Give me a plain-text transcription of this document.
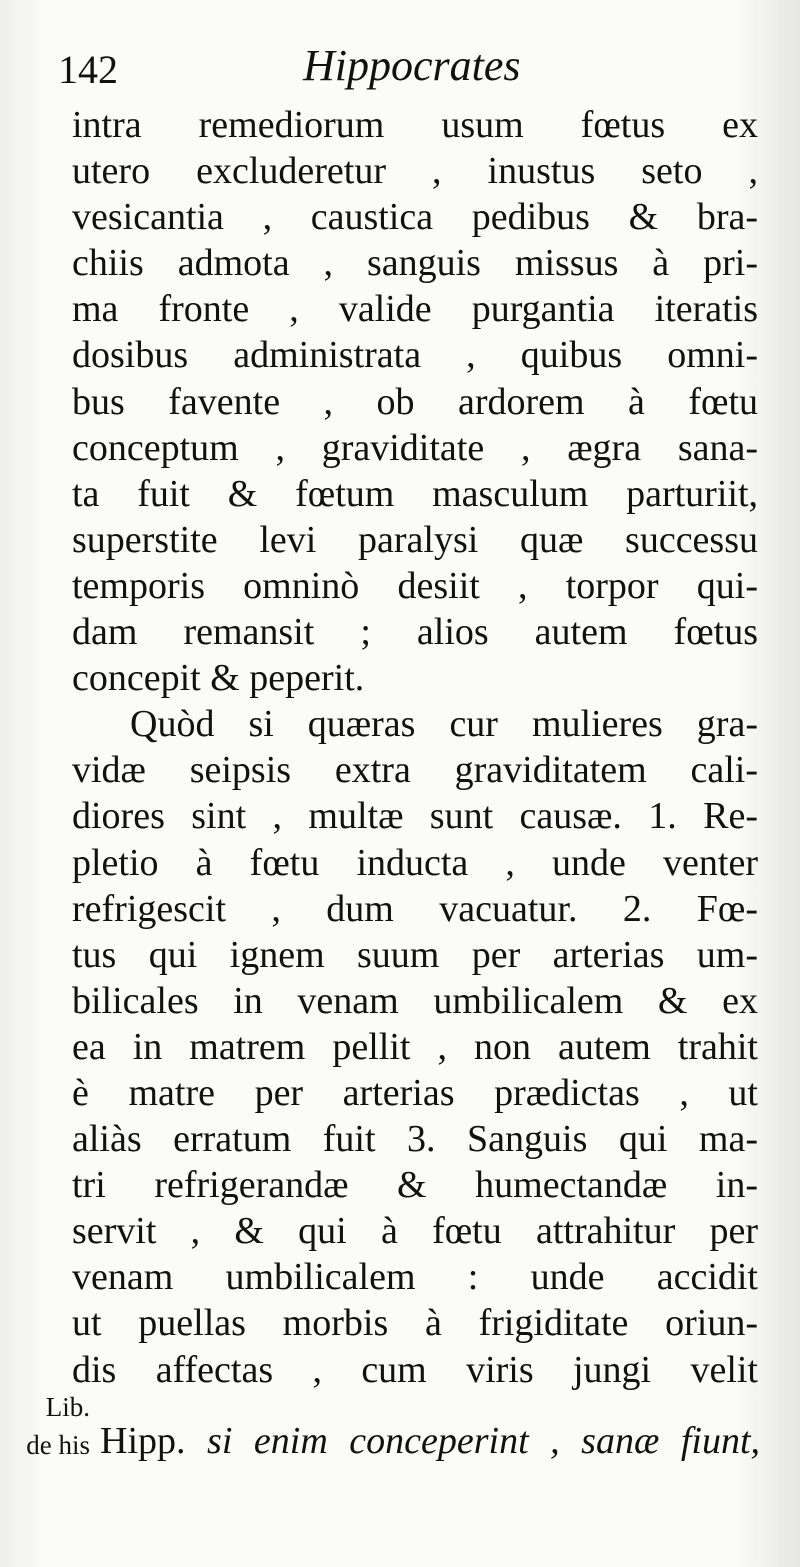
142	Hippocrates
intra remediorum usum fœtus ex
utero excluderetur , inustus seto ,
vesicantia , caustica pedibus & bra-
chiis admota , sanguis missus à pri-
ma fronte , valide purgantia iteratis
dosibus administrata , quibus omni-
bus favente , ob ardorem à fœtu
conceptum , graviditate , ægra sana-
ta fuit & fœtum masculum parturiit,
superstite levi paralysi quæ successu
temporis omninò desiit , torpor qui-
dam remansit ; alios autem fœtus
concepit & peperit.
Quòd si quæras cur mulieres gra-
vidæ seipsis extra graviditatem cali-
diores sint , multæ sunt causæ. 1. Re-
pletio à fœtu inducta , unde venter
refrigescit , dum vacuatur. 2. Fœ-
tus qui ignem suum per arterias um-
bilicales in venam umbilicalem & ex
ea in matrem pellit , non autem trahit
è matre per arterias prædictas , ut
aliàs erratum fuit 3. Sanguis qui ma-
tri refrigerandæ & humectandæ in-
servit , & qui à fœtu attrahitur per
venam umbilicalem : unde accidit
ut puellas morbis à frigiditate oriun-
dis affectas , cum viris jungi velit
Lib.
de his Hipp. si enim conceperint , sanæ fiunt,
